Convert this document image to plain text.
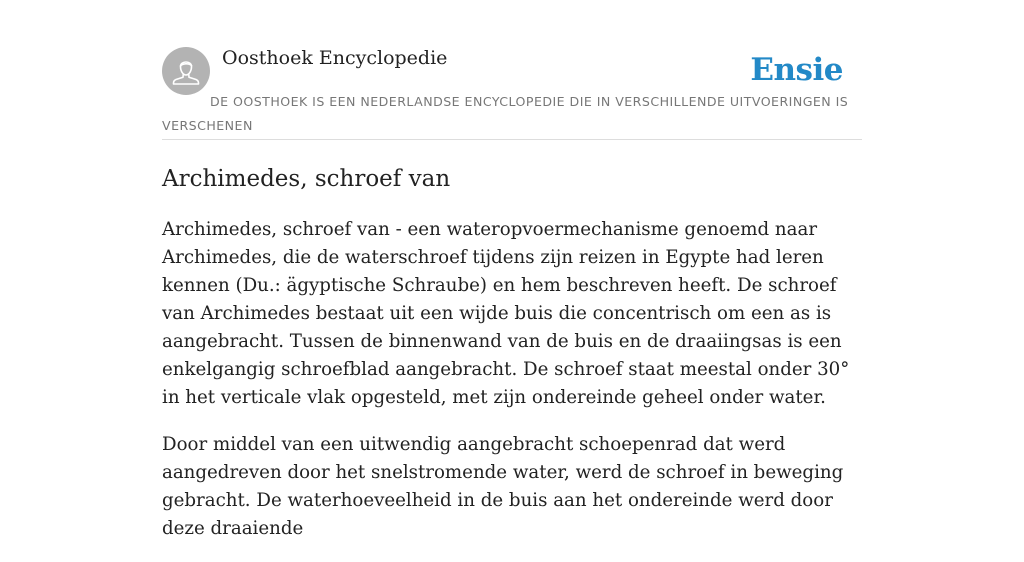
Oosthoek Encyclopedie	Ensie
DE OOSTHOEK IS EEN NEDERLANDSE ENCYCLOPEDIE DIE IN VERSCHILLENDE UITVOERINGEN IS VERSCHENEN
Archimedes, schroef van

Archimedes, schroef van - een wateropvoermechanisme genoemd naar Archimedes, die de waterschroef tijdens zijn reizen in Egypte had leren kennen (Du.: ägyptische Schraube) en hem beschreven heeft. De schroef van Archimedes bestaat uit een wijde buis die concentrisch om een as is aangebracht. Tussen de binnenwand van de buis en de draaiingsas is een enkelgangig schroefblad aangebracht. De schroef staat meestal onder 30° in het verticale vlak opgesteld, met zijn ondereinde geheel onder water.

Door middel van een uitwendig aangebracht schoepenrad dat werd aangedreven door het snelstromende water, werd de schroef in beweging gebracht. De waterhoeveelheid in de buis aan het ondereinde werd door deze draaiende
